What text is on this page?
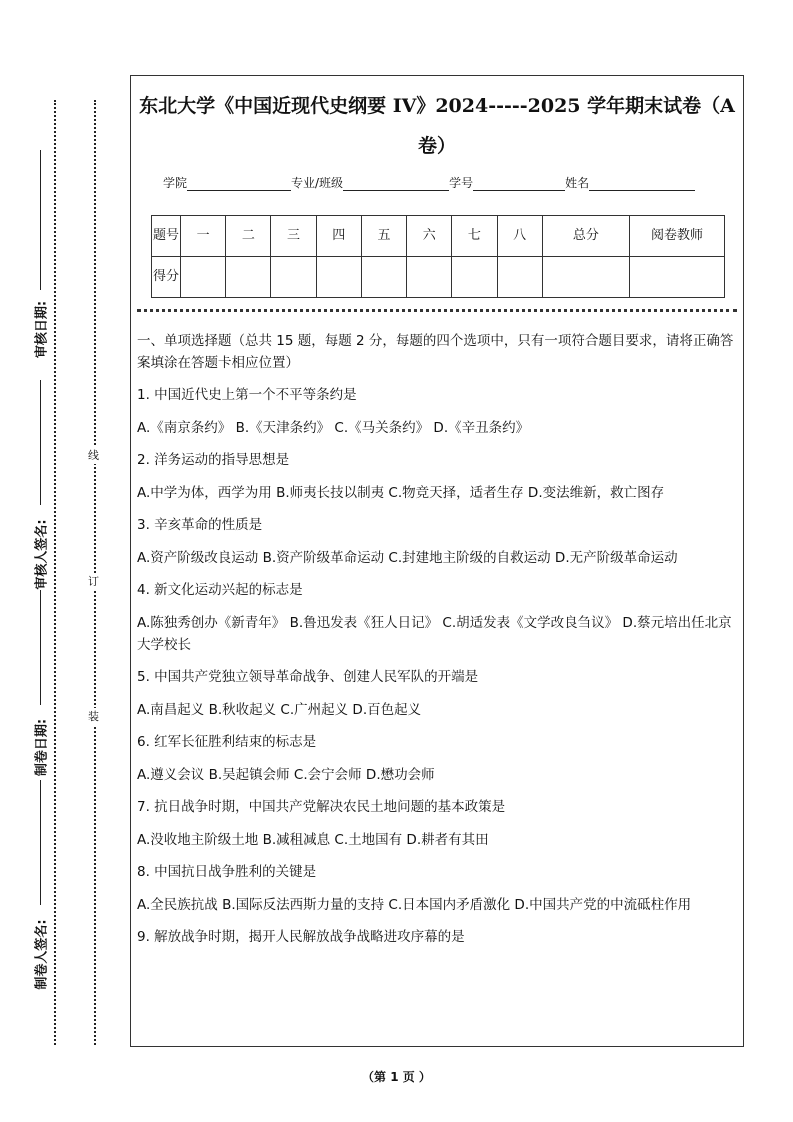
审核日期:
审核人签名:
制卷日期:
制卷人签名:
线
订
装
东北大学《中国近现代史纲要 IV》2024-----2025 学年期末试卷（A
卷）
学院	专业/班级	学号	姓名
题号	一	二	三	四	五	六	七	八	总分	阅卷教师
得分										

一、单项选择题（总共 15 题，每题 2 分，每题的四个选项中，只有一项符合题目要求，请将正确答案填涂在答题卡相应位置）

1. 中国近代史上第一个不平等条约是

A.《南京条约》 B.《天津条约》 C.《马关条约》 D.《辛丑条约》

2. 洋务运动的指导思想是

A.中学为体，西学为用 B.师夷长技以制夷 C.物竞天择，适者生存 D.变法维新，救亡图存

3. 辛亥革命的性质是

A.资产阶级改良运动 B.资产阶级革命运动 C.封建地主阶级的自救运动 D.无产阶级革命运动

4. 新文化运动兴起的标志是

A.陈独秀创办《新青年》 B.鲁迅发表《狂人日记》 C.胡适发表《文学改良刍议》 D.蔡元培出任北京大学校长

5. 中国共产党独立领导革命战争、创建人民军队的开端是

A.南昌起义 B.秋收起义 C.广州起义 D.百色起义

6. 红军长征胜利结束的标志是

A.遵义会议 B.吴起镇会师 C.会宁会师 D.懋功会师

7. 抗日战争时期，中国共产党解决农民土地问题的基本政策是

A.没收地主阶级土地 B.减租减息 C.土地国有 D.耕者有其田

8. 中国抗日战争胜利的关键是

A.全民族抗战 B.国际反法西斯力量的支持 C.日本国内矛盾激化 D.中国共产党的中流砥柱作用

9. 解放战争时期，揭开人民解放战争战略进攻序幕的是

（第 1 页 ）
